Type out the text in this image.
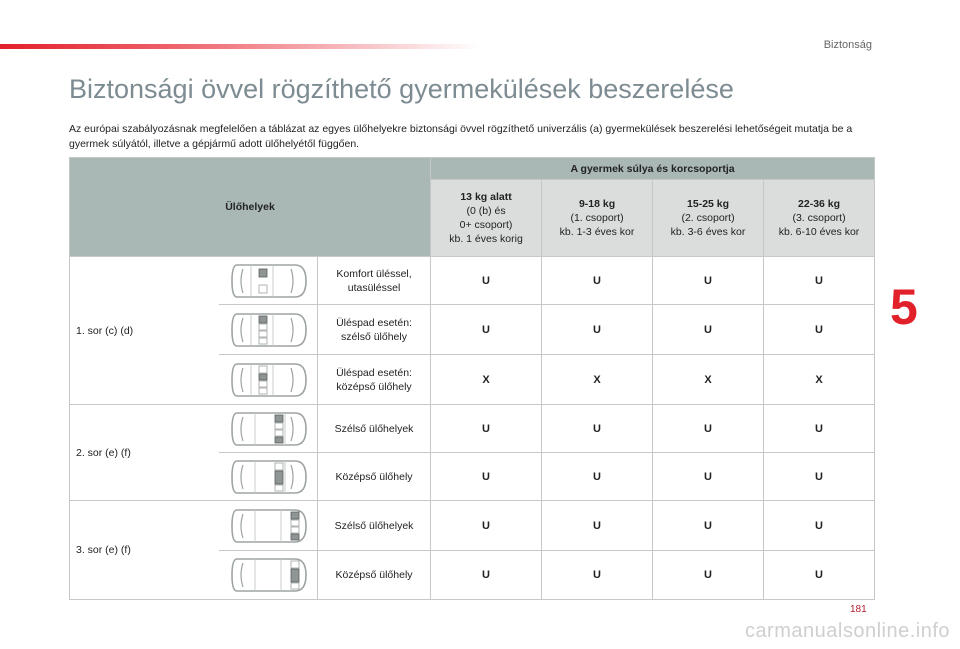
Biztonság
5
Biztonsági övvel rögzíthető gyermekülések beszerelése

Az európai szabályozásnak megfelelően a táblázat az egyes ülőhelyekre biztonsági övvel rögzíthető univerzális (a) gyermekülések beszerelési lehetőségeit mutatja be a gyermek súlyától, illetve a gépjármű adott ülőhelyétől függően.

Ülőhelyek			A gyermek súlya és korcsoportja			
			13 kg alatt
(0 (b) és
0+ csoport)
kb. 1 éves korig	9-18 kg
(1. csoport)
kb. 1-3 éves kor	15-25 kg
(2. csoport)
kb. 3-6 éves kor	22-36 kg
(3. csoport)
kb. 6-10 éves kor
1. sor (c) (d)		Komfort üléssel,
utasüléssel	U	U	U	U

	Üléspad esetén:
szélső ülőhely	U	U	U	U

	Üléspad esetén:
középső ülőhely	X	X	X	X
2. sor (e) (f)		Szélső ülőhelyek	U	U	U	U

	Középső ülőhely	U	U	U	U
3. sor (e) (f)		Szélső ülőhelyek	U	U	U	U

	Középső ülőhely	U	U	U	U
181
carmanualsonline.info
